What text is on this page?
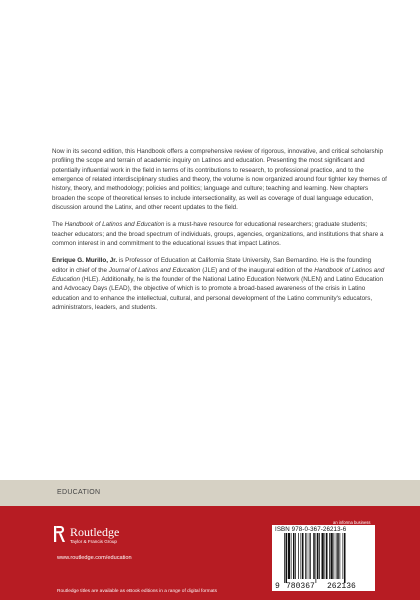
Now in its second edition, this Handbook offers a comprehensive review of rigorous, innovative, and critical scholarship profiling the scope and terrain of academic inquiry on Latinos and education. Presenting the most significant and potentially influential work in the field in terms of its contributions to research, to professional practice, and to the emergence of related interdisciplinary studies and theory, the volume is now organized around four tighter key themes of history, theory, and methodology; policies and politics; language and culture; teaching and learning. New chapters broaden the scope of theoretical lenses to include intersectionality, as well as coverage of dual language education, discussion around the Latinx, and other recent updates to the field.

The Handbook of Latinos and Education is a must-have resource for educational researchers; graduate students; teacher educators; and the broad spectrum of individuals, groups, agencies, organizations, and institutions that share a common interest in and commitment to the educational issues that impact Latinos.

Enrique G. Murillo, Jr. is Professor of Education at California State University, San Bernardino. He is the founding editor in chief of the Journal of Latinos and Education (JLE) and of the inaugural edition of the Handbook of Latinos and Education (HLE). Additionally, he is the founder of the National Latino Education Network (NLEN) and Latino Education and Advocacy Days (LEAD), the objective of which is to promote a broad-based awareness of the crisis in Latino education and to enhance the intellectual, cultural, and personal development of the Latino community's educators, administrators, leaders, and students.

EDUCATION
Routledge
Taylor & Francis Group
www.routledge.com/education
Routledge titles are available as eBook editions in a range of digital formats
an informa business
ISBN 978-0-367-26213-6
9 780367 262136
